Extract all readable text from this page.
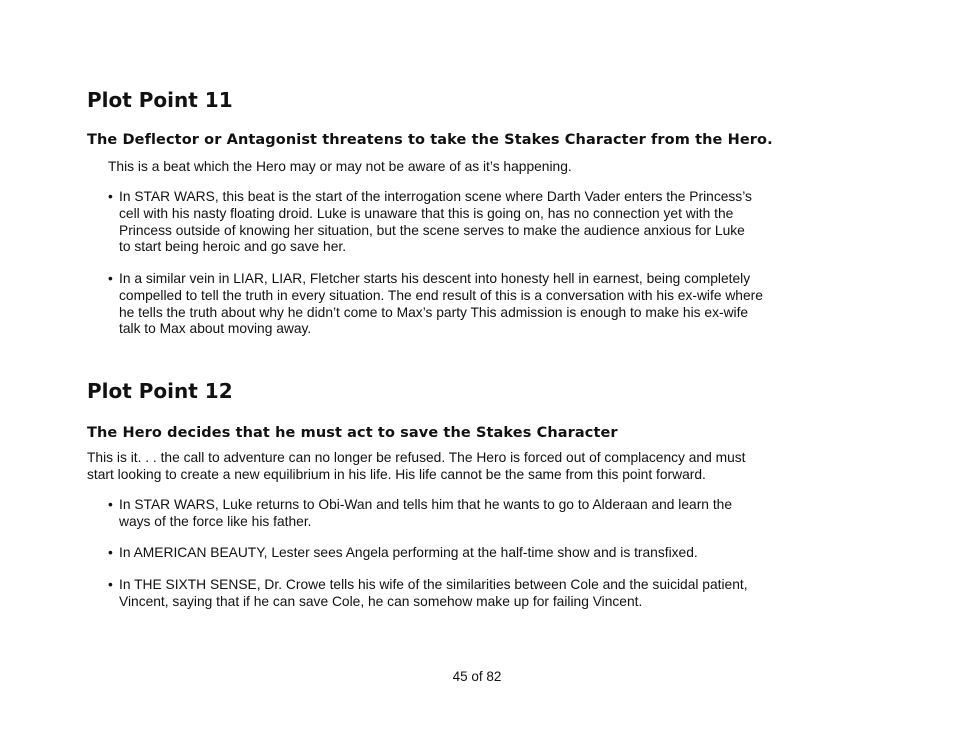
Plot Point 11
The Deflector or Antagonist threatens to take the Stakes Character from the Hero.

This is a beat which the Hero may or may not be aware of as it’s happening.

• In STAR WARS, this beat is the start of the interrogation scene where Darth Vader enters the Princess’s
cell with his nasty floating droid. Luke is unaware that this is going on, has no connection yet with the
Princess outside of knowing her situation, but the scene serves to make the audience anxious for Luke
to start being heroic and go save her.
• In a similar vein in LIAR, LIAR, Fletcher starts his descent into honesty hell in earnest, being completely
compelled to tell the truth in every situation. The end result of this is a conversation with his ex-wife where
he tells the truth about why he didn’t come to Max’s party This admission is enough to make his ex-wife
talk to Max about moving away.
Plot Point 12
The Hero decides that he must act to save the Stakes Character
This is it. . . the call to adventure can no longer be refused. The Hero is forced out of complacency and must
start looking to create a new equilibrium in his life. His life cannot be the same from this point forward.
• In STAR WARS, Luke returns to Obi-Wan and tells him that he wants to go to Alderaan and learn the
ways of the force like his father.
• In AMERICAN BEAUTY, Lester sees Angela performing at the half-time show and is transfixed.
• In THE SIXTH SENSE, Dr. Crowe tells his wife of the similarities between Cole and the suicidal patient,
Vincent, saying that if he can save Cole, he can somehow make up for failing Vincent.
45 of 82
